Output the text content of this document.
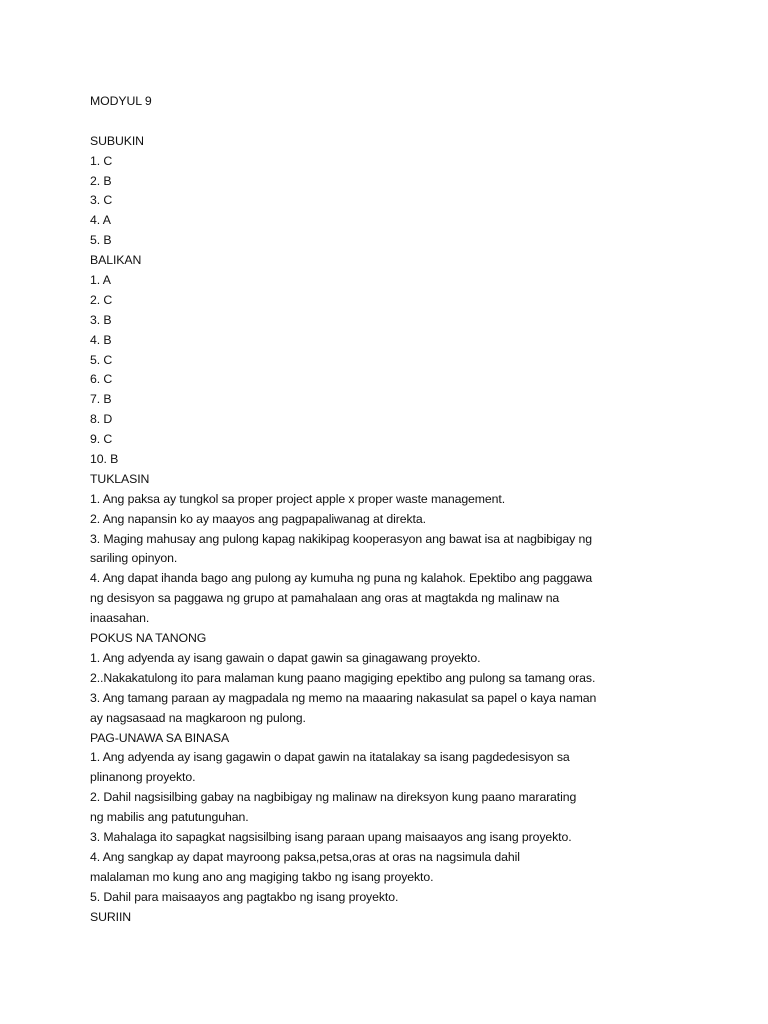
MODYUL 9
SUBUKIN
1. C
2. B
3. C
4. A
5. B
BALIKAN
1. A
2. C
3. B
4. B
5. C
6. C
7. B
8. D
9. C
10. B
TUKLASIN
1. Ang paksa ay tungkol sa proper project apple x proper waste management.
2. Ang napansin ko ay maayos ang pagpapaliwanag at direkta.
3. Maging mahusay ang pulong kapag nakikipag kooperasyon ang bawat isa at nagbibigay ng
sariling opinyon.
4. Ang dapat ihanda bago ang pulong ay kumuha ng puna ng kalahok. Epektibo ang paggawa
ng desisyon sa paggawa ng grupo at pamahalaan ang oras at magtakda ng malinaw na
inaasahan.
POKUS NA TANONG
1. Ang adyenda ay isang gawain o dapat gawin sa ginagawang proyekto.
2..Nakakatulong ito para malaman kung paano magiging epektibo ang pulong sa tamang oras.
3. Ang tamang paraan ay magpadala ng memo na maaaring nakasulat sa papel o kaya naman
ay nagsasaad na magkaroon ng pulong.
PAG-UNAWA SA BINASA
1. Ang adyenda ay isang gagawin o dapat gawin na itatalakay sa isang pagdedesisyon sa
plinanong proyekto.
2. Dahil nagsisilbing gabay na nagbibigay ng malinaw na direksyon kung paano mararating
ng mabilis ang patutunguhan.
3. Mahalaga ito sapagkat nagsisilbing isang paraan upang maisaayos ang isang proyekto.
4. Ang sangkap ay dapat mayroong paksa,petsa,oras at oras na nagsimula dahil
malalaman mo kung ano ang magiging takbo ng isang proyekto.
5. Dahil para maisaayos ang pagtakbo ng isang proyekto.
SURIIN
